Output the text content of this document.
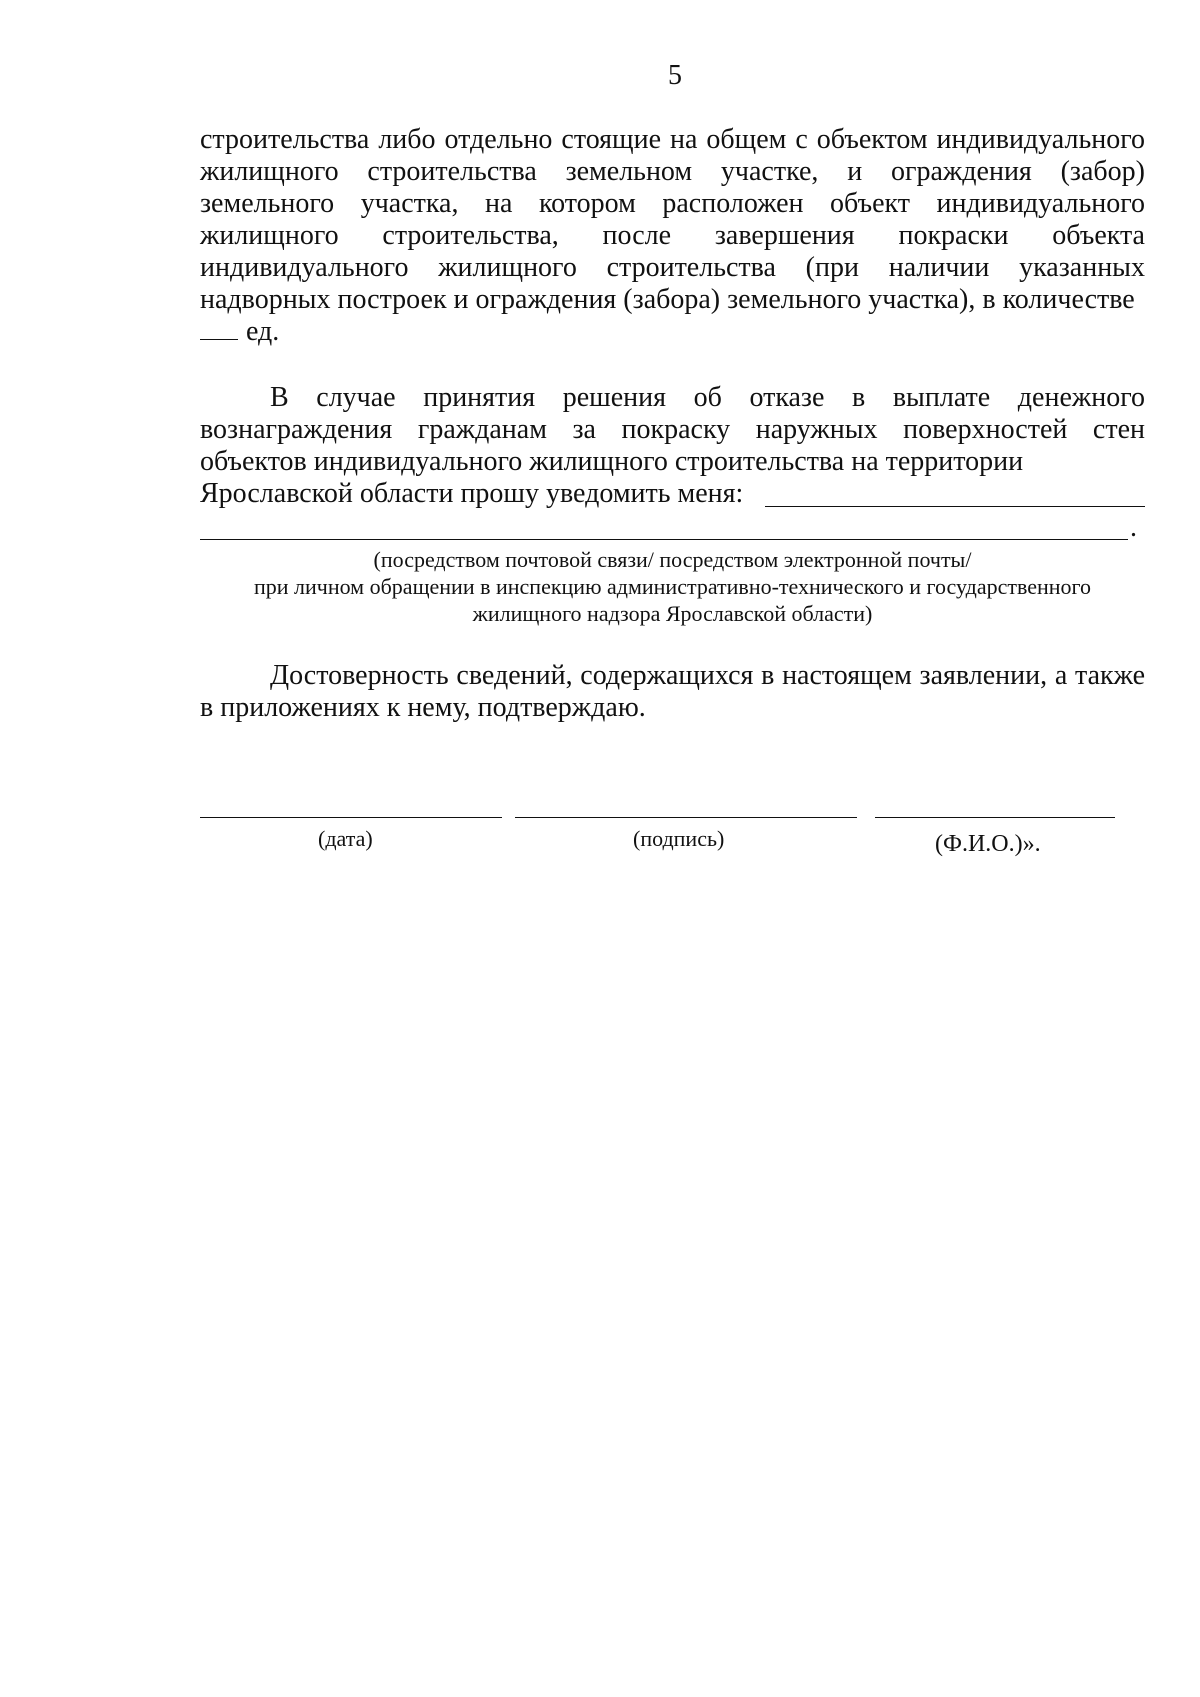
5
строительства либо отдельно стоящие на общем с объектом индивидуального жилищного строительства земельном участке, и ограждения (забор) земельного участка, на котором расположен объект индивидуального жилищного строительства, после завершения покраски объекта индивидуального жилищного строительства (при наличии указанных надворных построек и ограждения (забора) земельного участка), в количестве
ед.
В случае принятия решения об отказе в выплате денежного вознаграждения гражданам за покраску наружных поверхностей стен объектов индивидуального жилищного строительства на территории
Ярославской области прошу уведомить меня:
.
(посредством почтовой связи/ посредством электронной почты/
при личном обращении в инспекцию административно-технического и государственного
жилищного надзора Ярославской области)
Достоверность сведений, содержащихся в настоящем заявлении, а также в приложениях к нему, подтверждаю.
(дата)	(подпись)	(Ф.И.О.)».
